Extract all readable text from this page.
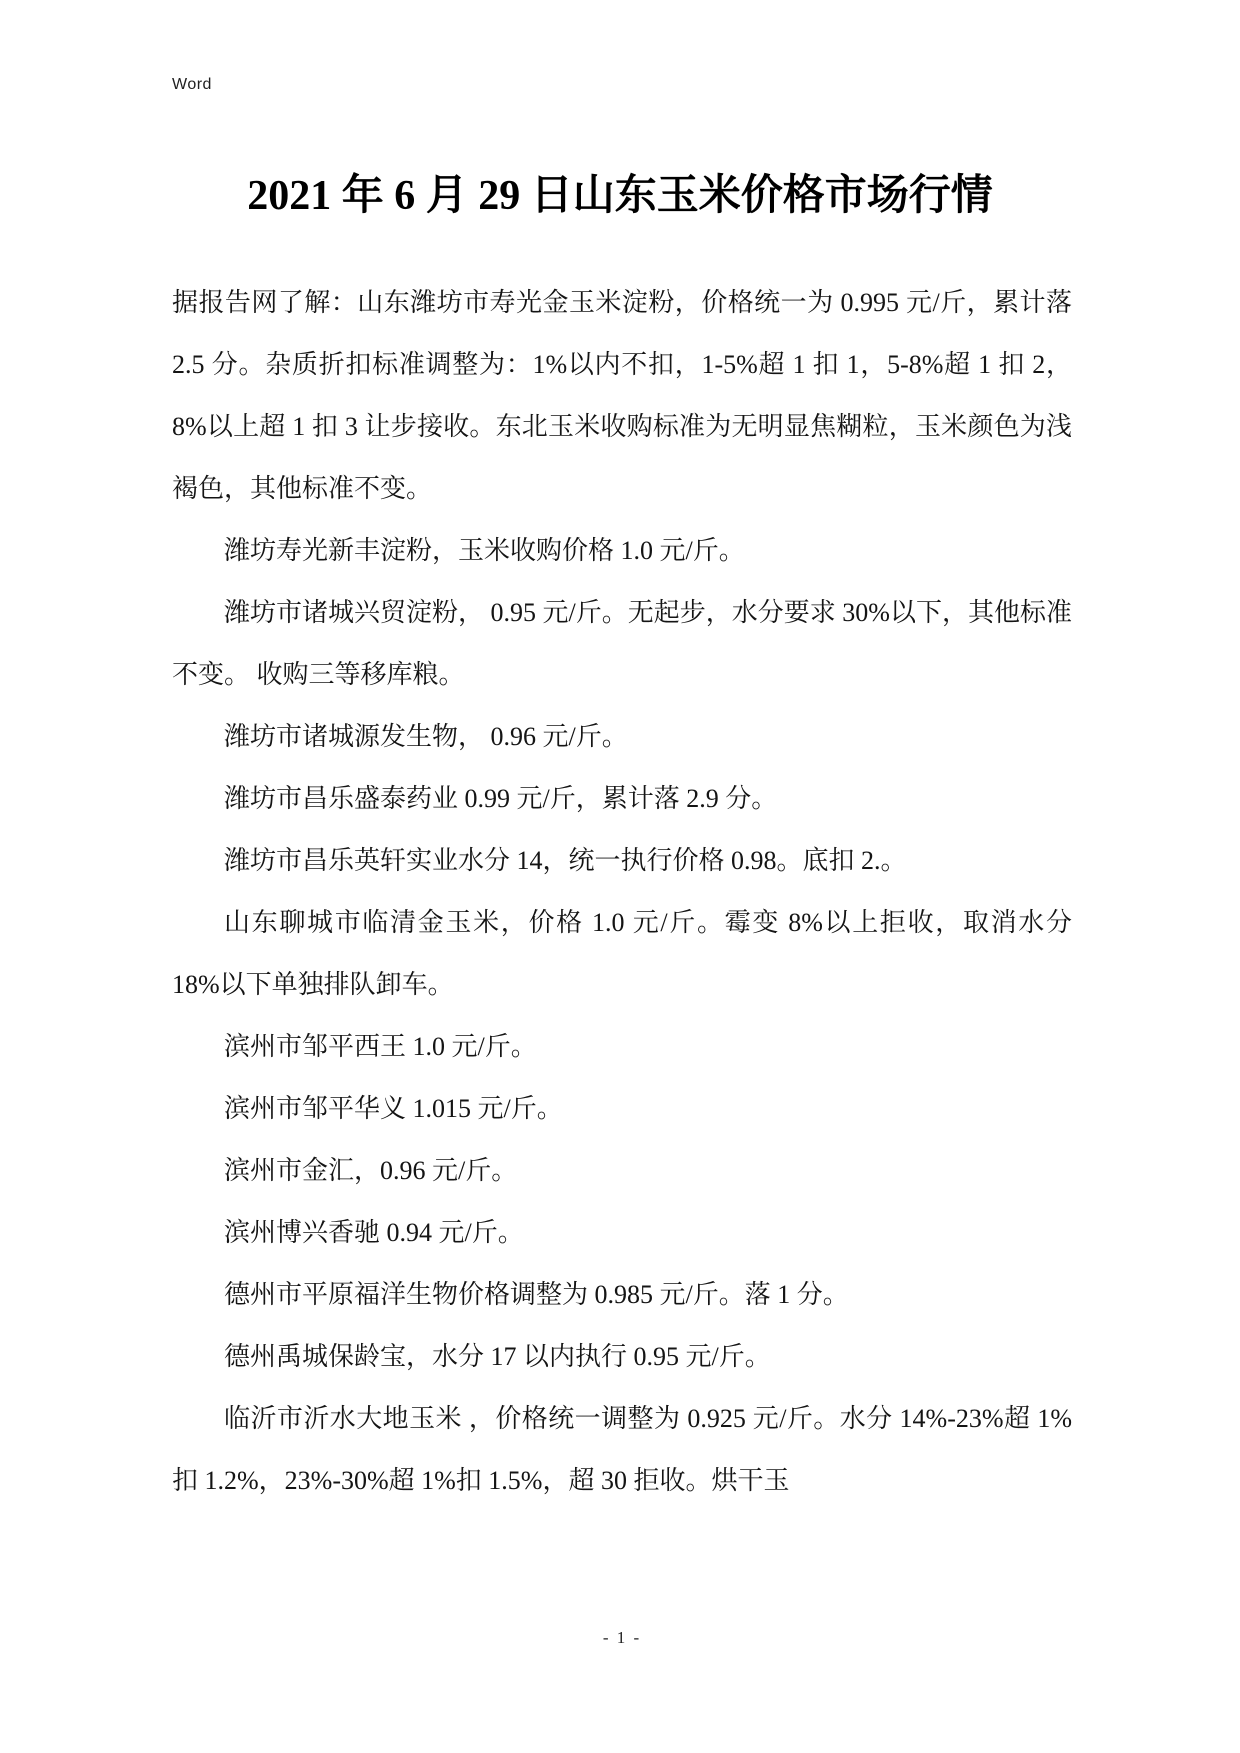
Word
2021 年 6 月 29 日山东玉米价格市场行情

据报告网了解：山东潍坊市寿光金玉米淀粉，价格统一为 0.995 元/斤，累计落 2.5 分。杂质折扣标准调整为：1%以内不扣，1-5%超 1 扣 1，5-8%超 1 扣 2，8%以上超 1 扣 3 让步接收。东北玉米收购标准为无明显焦糊粒，玉米颜色为浅褐色，其他标准不变。

潍坊寿光新丰淀粉，玉米收购价格 1.0 元/斤。

潍坊市诸城兴贸淀粉， 0.95 元/斤。无起步，水分要求 30%以下，其他标准不变。 收购三等移库粮。

潍坊市诸城源发生物， 0.96 元/斤。

潍坊市昌乐盛泰药业 0.99 元/斤，累计落 2.9 分。

潍坊市昌乐英轩实业水分 14，统一执行价格 0.98。底扣 2.。

山东聊城市临清金玉米，价格 1.0 元/斤。霉变 8%以上拒收，取消水分 18%以下单独排队卸车。

滨州市邹平西王 1.0 元/斤。

滨州市邹平华义 1.015 元/斤。

滨州市金汇，0.96 元/斤。

滨州博兴香驰 0.94 元/斤。

德州市平原福洋生物价格调整为 0.985 元/斤。落 1 分。

德州禹城保龄宝，水分 17 以内执行 0.95 元/斤。

临沂市沂水大地玉米 ，价格统一调整为 0.925 元/斤。水分 14%-23%超 1%扣 1.2%，23%-30%超 1%扣 1.5%，超 30 拒收。烘干玉

- 1 -
